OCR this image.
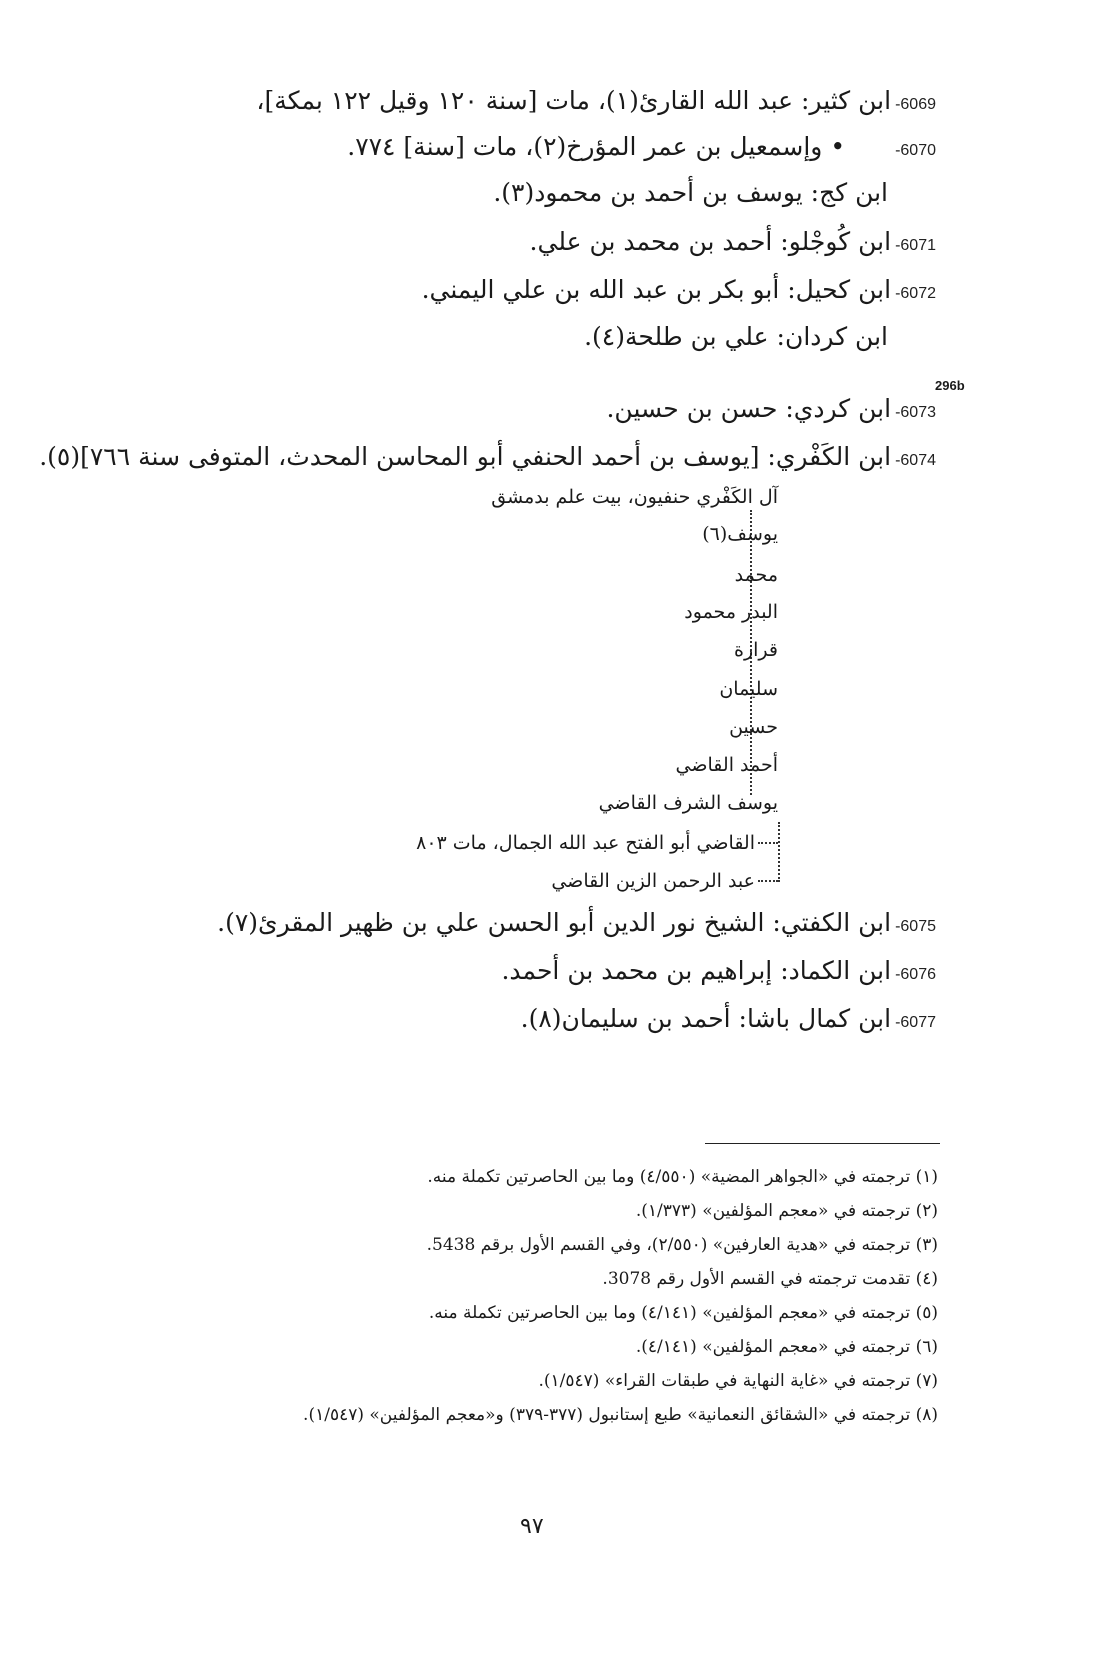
-6069ابن كثير: عبد الله القارئ(١)، مات [سنة ١٢٠ وقيل ١٢٢ بمكة]،
-6070• وإسمعيل بن عمر المؤرخ(٢)، مات [سنة] ٧٧٤.
ابن كج: يوسف بن أحمد بن محمود(٣).
-6071ابن كُوجْلو: أحمد بن محمد بن علي.
-6072ابن كحيل: أبو بكر بن عبد الله بن علي اليمني.
ابن كردان: علي بن طلحة(٤).
296b
-6073ابن كردي: حسن بن حسين.
-6074ابن الكَفْري: [يوسف بن أحمد الحنفي أبو المحاسن المحدث، المتوفى سنة ٧٦٦](٥).
آل الكَفْري حنفيون، بيت علم بدمشق
يوسف(٦)
محمد
البدر محمود
قرارة
سليمان
حسين
أحمد القاضي
يوسف الشرف القاضي
القاضي أبو الفتح عبد الله الجمال، مات ٨٠٣
عبد الرحمن الزين القاضي
-6075ابن الكفتي: الشيخ نور الدين أبو الحسن علي بن ظهير المقرئ(٧).
-6076ابن الكماد: إبراهيم بن محمد بن أحمد.
-6077ابن كمال باشا: أحمد بن سليمان(٨).
(١) ترجمته في «الجواهر المضية» (٤/٥٥٠) وما بين الحاصرتين تكملة منه.
(٢) ترجمته في «معجم المؤلفين» (١/٣٧٣).
(٣) ترجمته في «هدية العارفين» (٢/٥٥٠)، وفي القسم الأول برقم 5438.
(٤) تقدمت ترجمته في القسم الأول رقم 3078.
(٥) ترجمته في «معجم المؤلفين» (٤/١٤١) وما بين الحاصرتين تكملة منه.
(٦) ترجمته في «معجم المؤلفين» (٤/١٤١).
(٧) ترجمته في «غاية النهاية في طبقات القراء» (١/٥٤٧).
(٨) ترجمته في «الشقائق النعمانية» طبع إستانبول (٣٧٧-٣٧٩) و«معجم المؤلفين» (١/٥٤٧).
٩٧
